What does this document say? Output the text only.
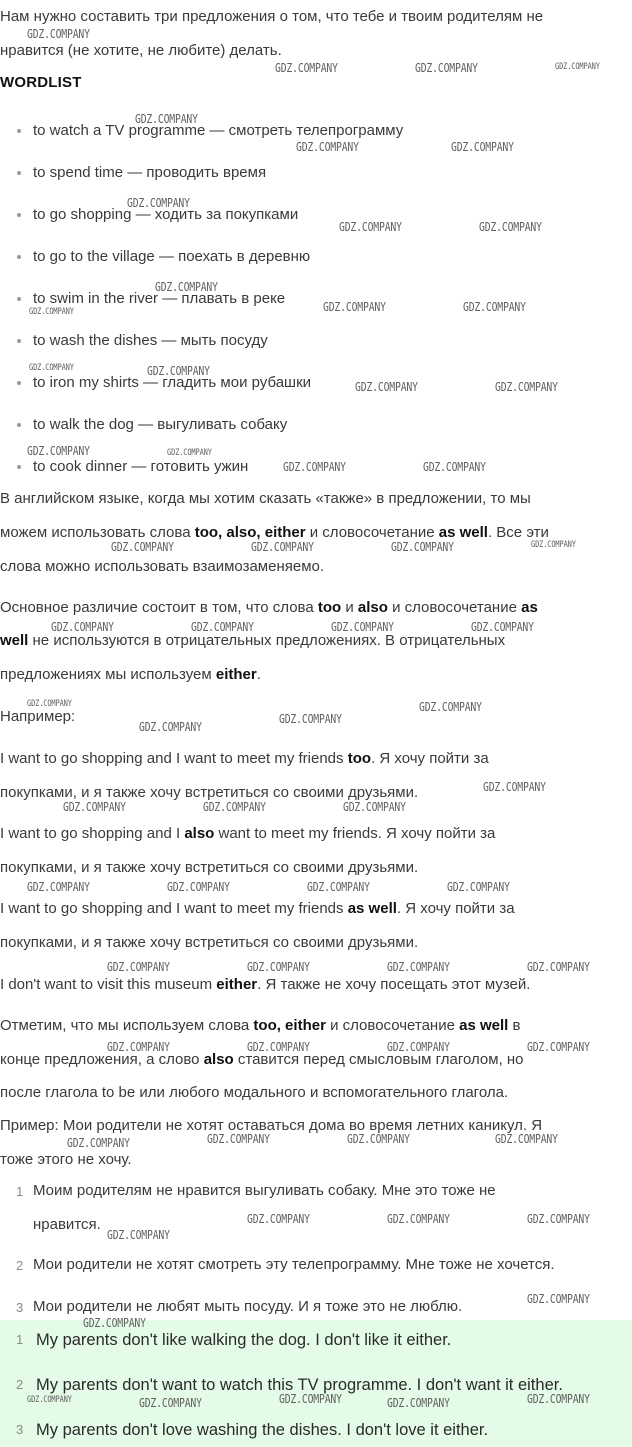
Нам нужно составить три предложения о том, что тебе и твоим родителям не
нравится (не хотите, не любите) делать.
WORDLIST
to watch a TV programme — смотреть телепрограмму
to spend time — проводить время
to go shopping — ходить за покупками
to go to the village — поехать в деревню
to swim in the river — плавать в реке
to wash the dishes — мыть посуду
to iron my shirts — гладить мои рубашки
to walk the dog — выгуливать собаку
to cook dinner — готовить ужин
В английском языке, когда мы хотим сказать «также» в предложении, то мы
можем использовать слова too, also, either и словосочетание as well. Все эти
слова можно использовать взаимозаменяемо.
Основное различие состоит в том, что слова too и also и словосочетание as
well не используются в отрицательных предложениях. В отрицательных
предложениях мы используем either.
Например:
I want to go shopping and I want to meet my friends too. Я хочу пойти за
покупками, и я также хочу встретиться со своими друзьями.
I want to go shopping and I also want to meet my friends. Я хочу пойти за
покупками, и я также хочу встретиться со своими друзьями.
I want to go shopping and I want to meet my friends as well. Я хочу пойти за
покупками, и я также хочу встретиться со своими друзьями.
I don't want to visit this museum either. Я также не хочу посещать этот музей.
Отметим, что мы используем слова too, either и словосочетание as well в
конце предложения, а слово also ставится перед смысловым глаголом, но
после глагола to be или любого модального и вспомогательного глагола.
Пример: Мои родители не хотят оставаться дома во время летних каникул. Я
тоже этого не хочу.
1 Моим родителям не нравится выгуливать собаку. Мне это тоже не
нравится.
2 Мои родители не хотят смотреть эту телепрограмму. Мне тоже не хочется.
3 Мои родители не любят мыть посуду. И я тоже это не люблю.
1 My parents don't like walking the dog. I don't like it either.
2 My parents don't want to watch this TV programme. I don't want it either.
3 My parents don't love washing the dishes. I don't love it either.
GDZ.COMPANY
GDZ.COMPANY	GDZ.COMPANY	GDZ.COMPANY
GDZ.COMPANY
GDZ.COMPANY	GDZ.COMPANY
GDZ.COMPANY
GDZ.COMPANY	GDZ.COMPANY
GDZ.COMPANY
GDZ.COMPANY	GDZ.COMPANY	GDZ.COMPANY
GDZ.COMPANY	GDZ.COMPANY
GDZ.COMPANY	GDZ.COMPANY
GDZ.COMPANY	GDZ.COMPANY
GDZ.COMPANY	GDZ.COMPANY
GDZ.COMPANY	GDZ.COMPANY	GDZ.COMPANY	GDZ.COMPANY
GDZ.COMPANY	GDZ.COMPANY	GDZ.COMPANY	GDZ.COMPANY
GDZ.COMPANY
GDZ.COMPANY
GDZ.COMPANY
GDZ.COMPANY
GDZ.COMPANY
GDZ.COMPANY	GDZ.COMPANY	GDZ.COMPANY
GDZ.COMPANY	GDZ.COMPANY	GDZ.COMPANY	GDZ.COMPANY
GDZ.COMPANY	GDZ.COMPANY	GDZ.COMPANY	GDZ.COMPANY
GDZ.COMPANY	GDZ.COMPANY	GDZ.COMPANY	GDZ.COMPANY
GDZ.COMPANY	GDZ.COMPANY	GDZ.COMPANY	GDZ.COMPANY
GDZ.COMPANY
GDZ.COMPANY	GDZ.COMPANY	GDZ.COMPANY
GDZ.COMPANY
GDZ.COMPANY
GDZ.COMPANY	GDZ.COMPANY	GDZ.COMPANY	GDZ.COMPANY	GDZ.COMPANY
